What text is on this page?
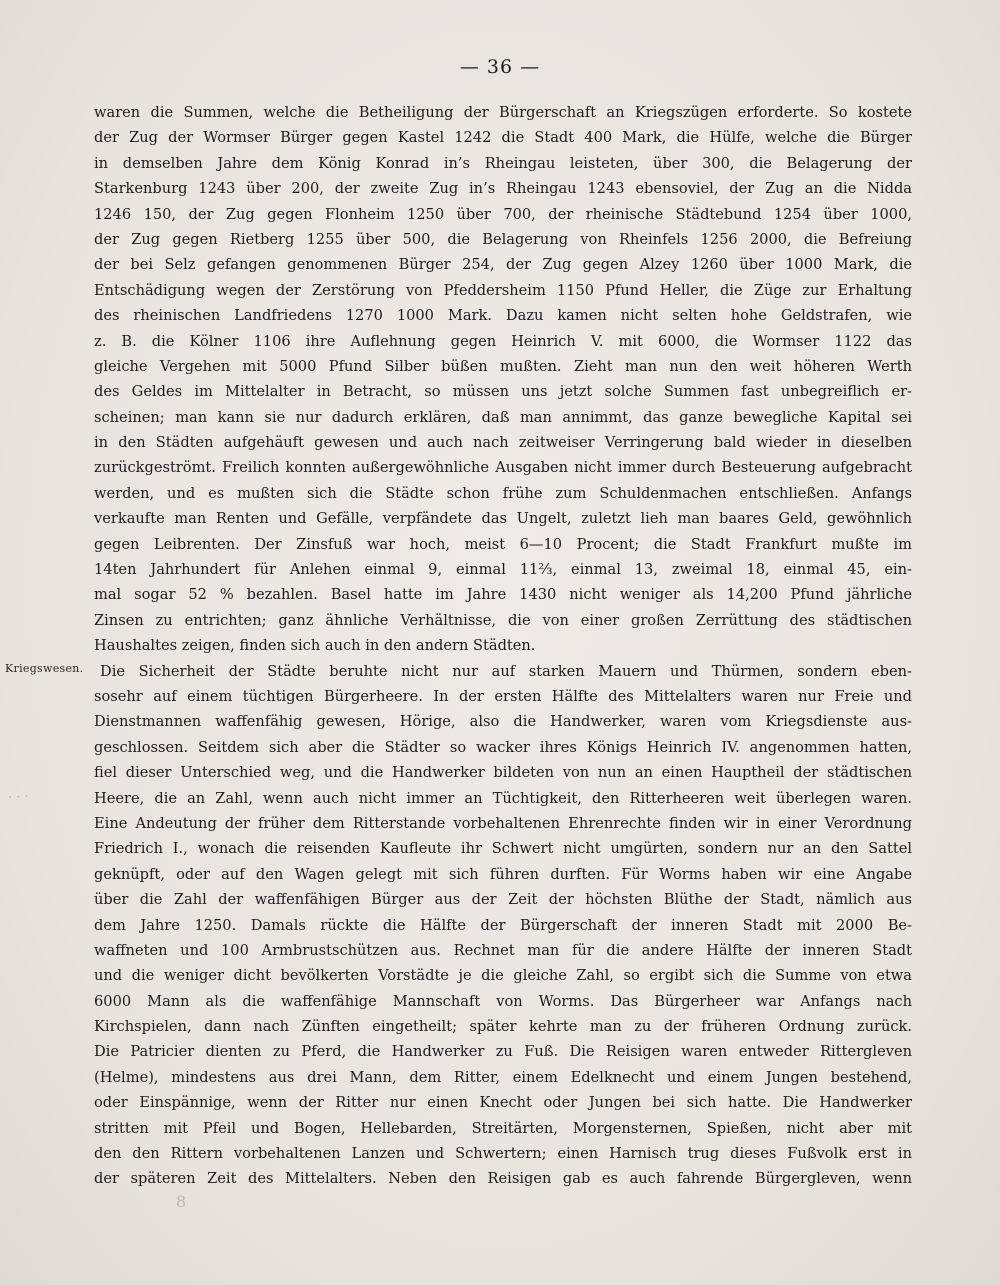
— 36 —
Kriegswesen.
· · ·
8
waren die Summen, welche die Betheiligung der Bürgerschaft an Kriegszügen erforderte. So kostete
der Zug der Wormser Bürger gegen Kastel 1242 die Stadt 400 Mark, die Hülfe, welche die Bürger
in demselben Jahre dem König Konrad in’s Rheingau leisteten, über 300, die Belagerung der
Starkenburg 1243 über 200, der zweite Zug in’s Rheingau 1243 ebensoviel, der Zug an die Nidda
1246 150, der Zug gegen Flonheim 1250 über 700, der rheinische Städtebund 1254 über 1000,
der Zug gegen Rietberg 1255 über 500, die Belagerung von Rheinfels 1256 2000, die Befreiung
der bei Selz gefangen genommenen Bürger 254, der Zug gegen Alzey 1260 über 1000 Mark, die
Entschädigung wegen der Zerstörung von Pfeddersheim 1150 Pfund Heller, die Züge zur Erhaltung
des rheinischen Landfriedens 1270 1000 Mark. Dazu kamen nicht selten hohe Geldstrafen, wie
z. B. die Kölner 1106 ihre Auflehnung gegen Heinrich V. mit 6000, die Wormser 1122 das
gleiche Vergehen mit 5000 Pfund Silber büßen mußten. Zieht man nun den weit höheren Werth
des Geldes im Mittelalter in Betracht, so müssen uns jetzt solche Summen fast unbegreiflich er-
scheinen; man kann sie nur dadurch erklären, daß man annimmt, das ganze bewegliche Kapital sei
in den Städten aufgehäuft gewesen und auch nach zeitweiser Verringerung bald wieder in dieselben
zurückgeströmt. Freilich konnten außergewöhnliche Ausgaben nicht immer durch Besteuerung aufgebracht
werden, und es mußten sich die Städte schon frühe zum Schuldenmachen entschließen. Anfangs
verkaufte man Renten und Gefälle, verpfändete das Ungelt, zuletzt lieh man baares Geld, gewöhnlich
gegen Leibrenten. Der Zinsfuß war hoch, meist 6—10 Procent; die Stadt Frankfurt mußte im
14ten Jahrhundert für Anlehen einmal 9, einmal 11⅔, einmal 13, zweimal 18, einmal 45, ein-
mal sogar 52 % bezahlen. Basel hatte im Jahre 1430 nicht weniger als 14,200 Pfund jährliche
Zinsen zu entrichten; ganz ähnliche Verhältnisse, die von einer großen Zerrüttung des städtischen
Haushaltes zeigen, finden sich auch in den andern Städten.
Die Sicherheit der Städte beruhte nicht nur auf starken Mauern und Thürmen, sondern eben-
sosehr auf einem tüchtigen Bürgerheere. In der ersten Hälfte des Mittelalters waren nur Freie und
Dienstmannen waffenfähig gewesen, Hörige, also die Handwerker, waren vom Kriegsdienste aus-
geschlossen. Seitdem sich aber die Städter so wacker ihres Königs Heinrich IV. angenommen hatten,
fiel dieser Unterschied weg, und die Handwerker bildeten von nun an einen Hauptheil der städtischen
Heere, die an Zahl, wenn auch nicht immer an Tüchtigkeit, den Ritterheeren weit überlegen waren.
Eine Andeutung der früher dem Ritterstande vorbehaltenen Ehrenrechte finden wir in einer Verordnung
Friedrich I., wonach die reisenden Kaufleute ihr Schwert nicht umgürten, sondern nur an den Sattel
geknüpft, oder auf den Wagen gelegt mit sich führen durften. Für Worms haben wir eine Angabe
über die Zahl der waffenfähigen Bürger aus der Zeit der höchsten Blüthe der Stadt, nämlich aus
dem Jahre 1250. Damals rückte die Hälfte der Bürgerschaft der inneren Stadt mit 2000 Be-
waffneten und 100 Armbrustschützen aus. Rechnet man für die andere Hälfte der inneren Stadt
und die weniger dicht bevölkerten Vorstädte je die gleiche Zahl, so ergibt sich die Summe von etwa
6000 Mann als die waffenfähige Mannschaft von Worms. Das Bürgerheer war Anfangs nach
Kirchspielen, dann nach Zünften eingetheilt; später kehrte man zu der früheren Ordnung zurück.
Die Patricier dienten zu Pferd, die Handwerker zu Fuß. Die Reisigen waren entweder Rittergleven
(Helme), mindestens aus drei Mann, dem Ritter, einem Edelknecht und einem Jungen bestehend,
oder Einspännige, wenn der Ritter nur einen Knecht oder Jungen bei sich hatte. Die Handwerker
stritten mit Pfeil und Bogen, Hellebarden, Streitärten, Morgensternen, Spießen, nicht aber mit
den den Rittern vorbehaltenen Lanzen und Schwertern; einen Harnisch trug dieses Fußvolk erst in
der späteren Zeit des Mittelalters. Neben den Reisigen gab es auch fahrende Bürgergleven, wenn
